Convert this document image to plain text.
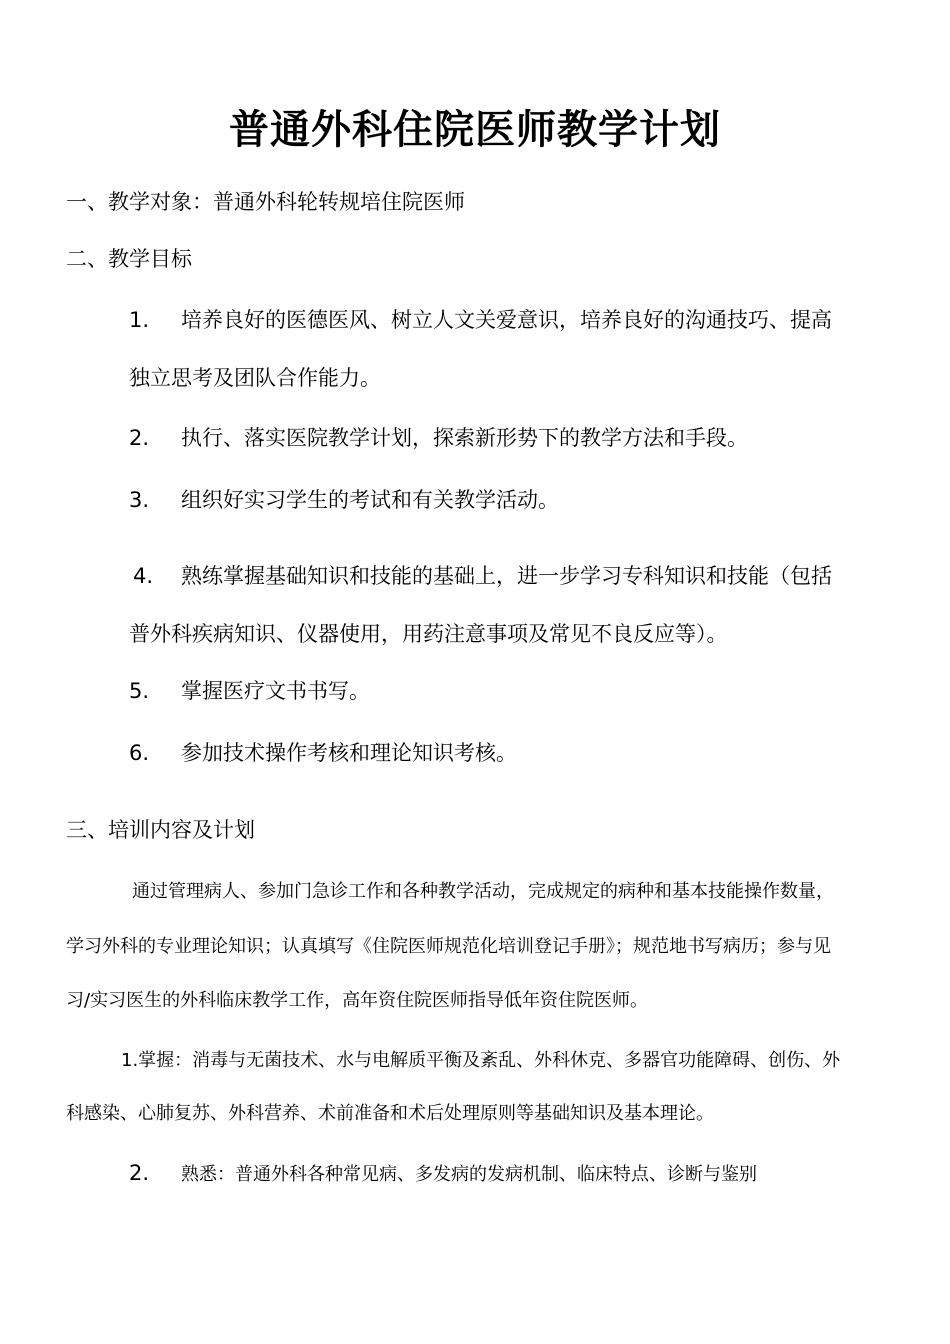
普通外科住院医师教学计划
一、教学对象：普通外科轮转规培住院医师
二、教学目标
1. 培养良好的医德医风、树立人文关爱意识，培养良好的沟通技巧、提高
独立思考及团队合作能力。
2. 执行、落实医院教学计划，探索新形势下的教学方法和手段。
3. 组织好实习学生的考试和有关教学活动。
4. 熟练掌握基础知识和技能的基础上，进一步学习专科知识和技能（包括
普外科疾病知识、仪器使用，用药注意事项及常见不良反应等）。
5. 掌握医疗文书书写。
6. 参加技术操作考核和理论知识考核。
三、培训内容及计划
通过管理病人、参加门急诊工作和各种教学活动，完成规定的病种和基本技能操作数量，
学习外科的专业理论知识；认真填写《住院医师规范化培训登记手册》；规范地书写病历；参与见
习/实习医生的外科临床教学工作，高年资住院医师指导低年资住院医师。
1.掌握：消毒与无菌技术、水与电解质平衡及紊乱、外科休克、多器官功能障碍、创伤、外
科感染、心肺复苏、外科营养、术前准备和术后处理原则等基础知识及基本理论。
2. 熟悉：普通外科各种常见病、多发病的发病机制、临床特点、诊断与鉴别
